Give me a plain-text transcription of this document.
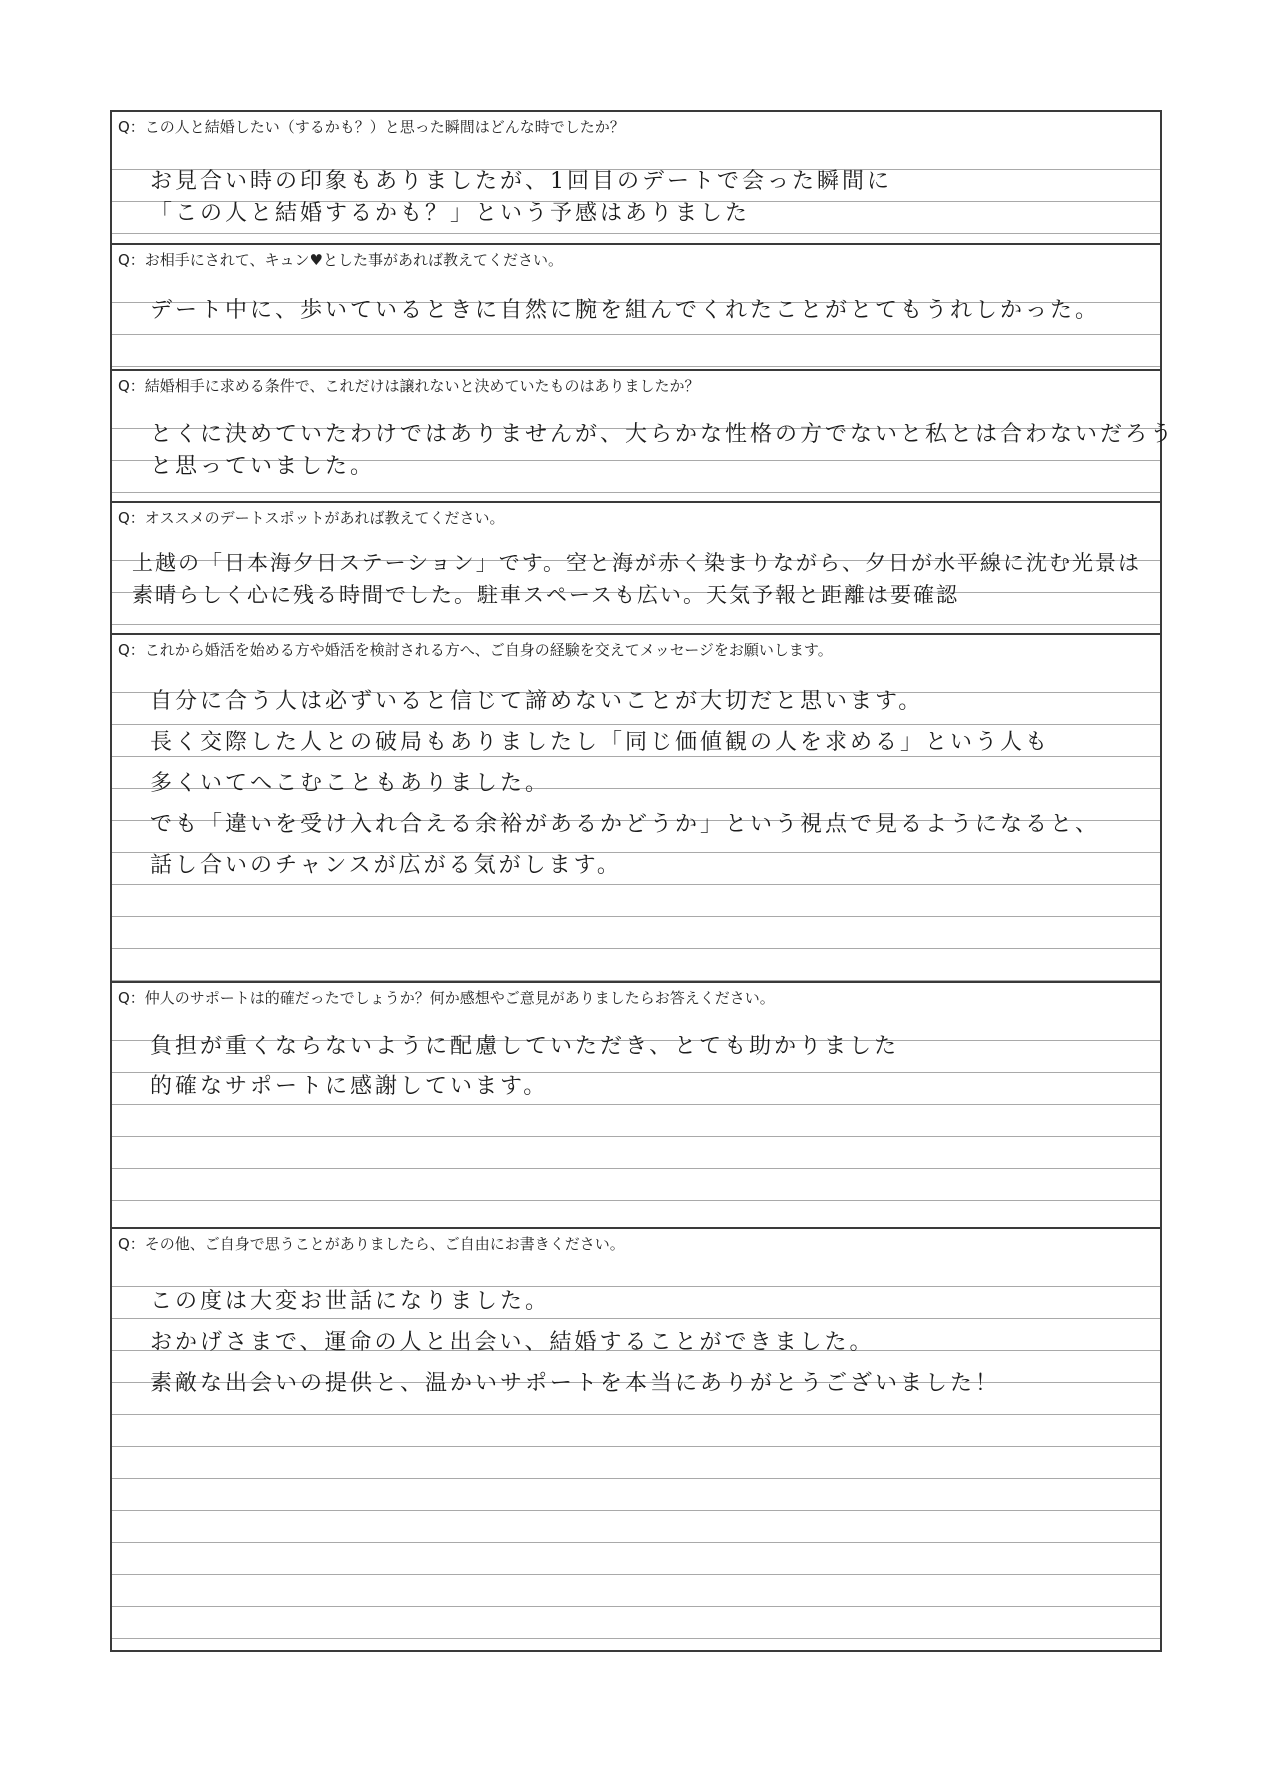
Q：この人と結婚したい（するかも？）と思った瞬間はどんな時でしたか？
お見合い時の印象もありましたが、1回目のデートで会った瞬間に
「この人と結婚するかも？」という予感はありました
Q：お相手にされて、キュン♥とした事があれば教えてください。
デート中に、歩いているときに自然に腕を組んでくれたことがとてもうれしかった。
Q：結婚相手に求める条件で、これだけは譲れないと決めていたものはありましたか？
とくに決めていたわけではありませんが、大らかな性格の方でないと私とは合わないだろう
と思っていました。
Q：オススメのデートスポットがあれば教えてください。
上越の「日本海夕日ステーション」です。空と海が赤く染まりながら、夕日が水平線に沈む光景は
素晴らしく心に残る時間でした。駐車スペースも広い。天気予報と距離は要確認
Q：これから婚活を始める方や婚活を検討される方へ、ご自身の経験を交えてメッセージをお願いします。
自分に合う人は必ずいると信じて諦めないことが大切だと思います。
長く交際した人との破局もありましたし「同じ価値観の人を求める」という人も
多くいてへこむこともありました。
でも「違いを受け入れ合える余裕があるかどうか」という視点で見るようになると、
話し合いのチャンスが広がる気がします。
Q：仲人のサポートは的確だったでしょうか？何か感想やご意見がありましたらお答えください。
負担が重くならないように配慮していただき、とても助かりました
的確なサポートに感謝しています。
Q：その他、ご自身で思うことがありましたら、ご自由にお書きください。
この度は大変お世話になりました。
おかげさまで、運命の人と出会い、結婚することができました。
素敵な出会いの提供と、温かいサポートを本当にありがとうございました！
